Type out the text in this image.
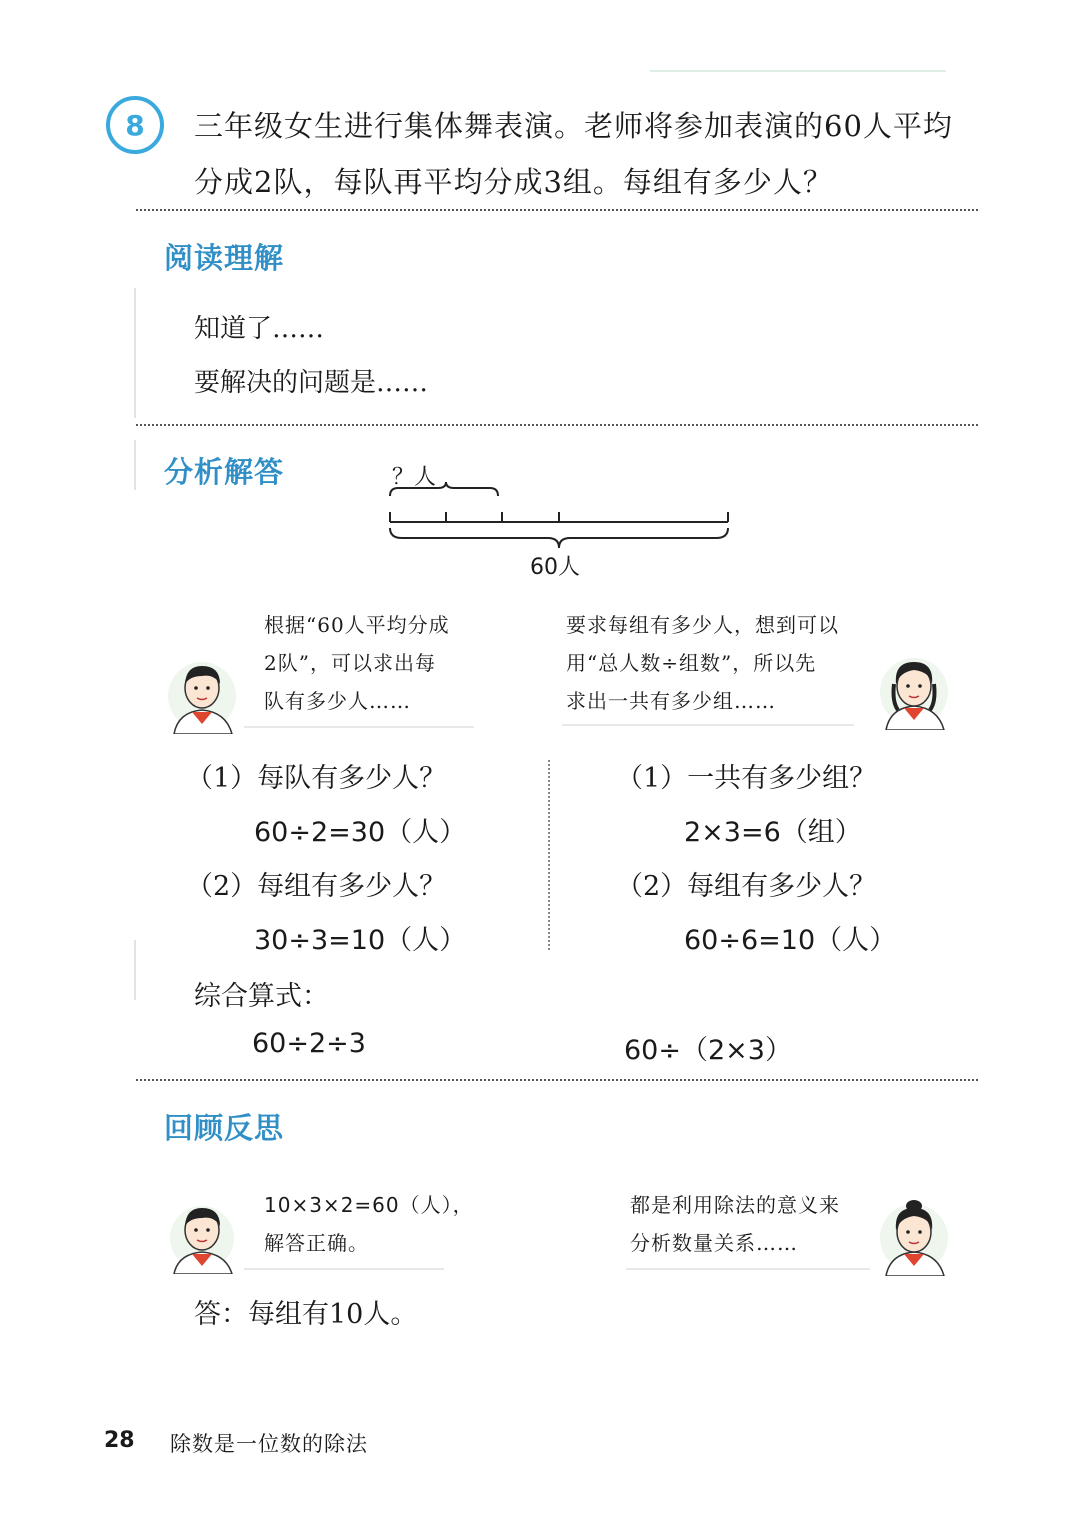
8	三年级女生进行集体舞表演。老师将参加表演的60人平均
分成2队，每队再平均分成3组。每组有多少人？
阅读理解
知道了……
要解决的问题是……
分析解答	？人
60人
根据“60人平均分成
2队”，可以求出每
队有多少人……
要求每组有多少人，想到可以
用“总人数÷组数”，所以先
求出一共有多少组……
（1）每队有多少人？
60÷2=30（人）
（2）每组有多少人？
30÷3=10（人）
（1）一共有多少组？
2×3=6（组）
（2）每组有多少人？
60÷6=10（人）
综合算式：
60÷2÷3	60÷（2×3）
回顾反思
10×3×2=60（人），
解答正确。
都是利用除法的意义来
分析数量关系……
答：每组有10人。
28 除数是一位数的除法
